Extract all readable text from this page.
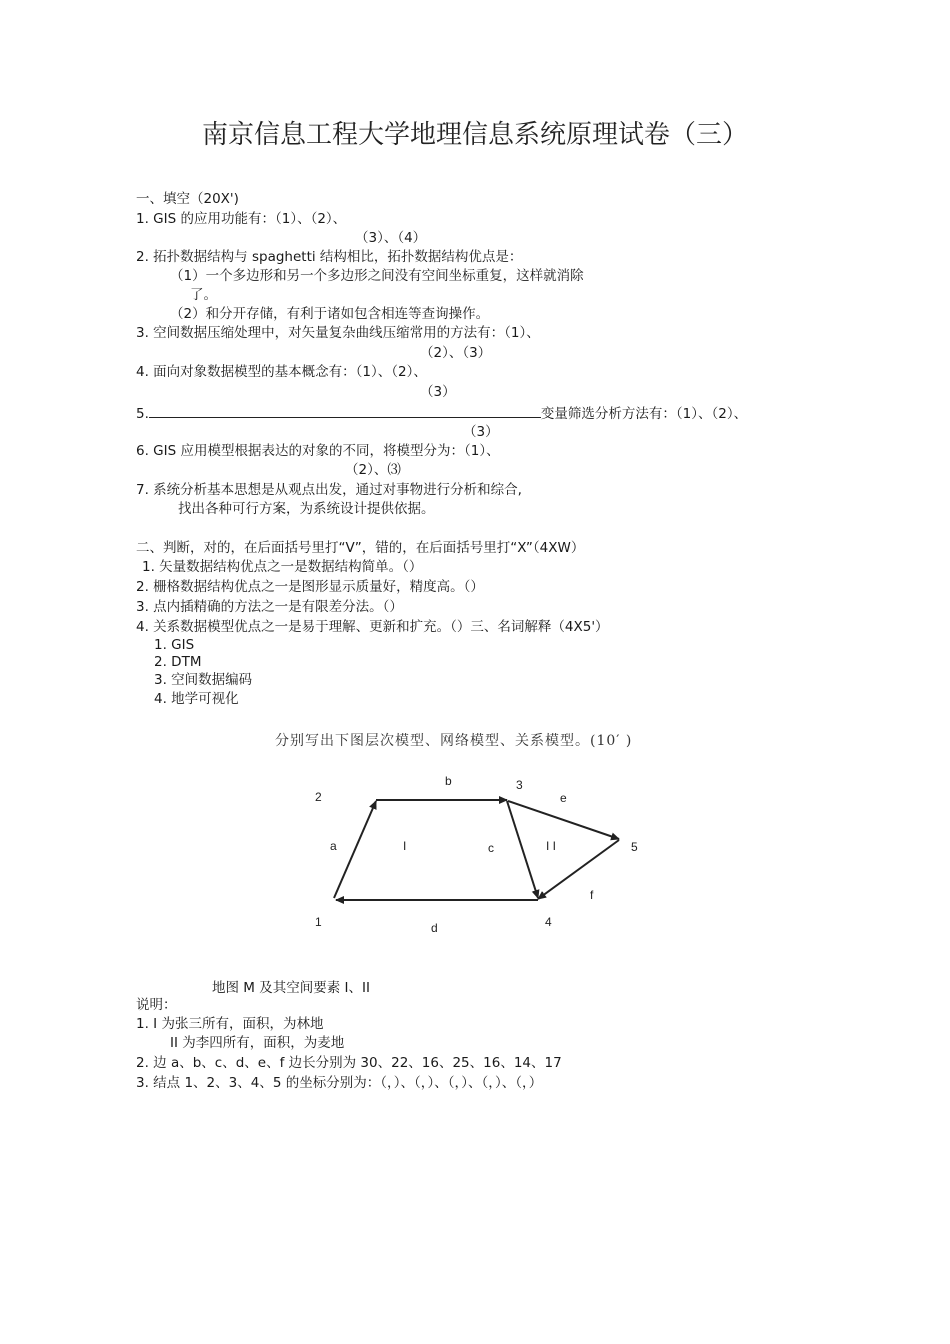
南京信息工程大学地理信息系统原理试卷（三）
一、填空（20X')
1. GIS 的应用功能有：（1）、（2）、
（3）、（4）
2. 拓扑数据结构与 spaghetti 结构相比，拓扑数据结构优点是：
（1）一个多边形和另一个多边形之间没有空间坐标重复，这样就消除
了。
（2）和分开存储，有利于诸如包含相连等查询操作。
3. 空间数据压缩处理中，对矢量复杂曲线压缩常用的方法有：（1）、
（2）、（3）
4. 面向对象数据模型的基本概念有：（1）、（2）、
（3）
5.	变量筛选分析方法有：（1）、（2）、
（3）
6. GIS 应用模型根据表达的对象的不同，将模型分为：（1）、
（2）、⑶
7. 系统分析基本思想是从观点出发，通过对事物进行分析和综合,
找出各种可行方案，为系统设计提供依据。
二、判断，对的，在后面括号里打“V”，错的，在后面括号里打“X”（4XW）
1. 矢量数据结构优点之一是数据结构简单。（）
2. 栅格数据结构优点之一是图形显示质量好，精度高。（）
3. 点内插精确的方法之一是有限差分法。（）
4. 关系数据模型优点之一是易于理解、更新和扩充。（）三、名词解释（4X5'）
1. GIS
2. DTM
3. 空间数据编码
4. 地学可视化
分别写出下图层次模型、网络模型、关系模型。(10′ )
1
2
3
4
5
a
b
c
d
e
f
I	I I
地图 M 及其空间要素 I、II
说明：
1. I 为张三所有，面积，为林地
II 为李四所有，面积，为麦地
2. 边 a、b、c、d、e、f 边长分别为 30、22、16、25、16、14、17
3. 结点 1、2、3、4、5 的坐标分别为：（，）、（，）、（，）、（，）、（，）
